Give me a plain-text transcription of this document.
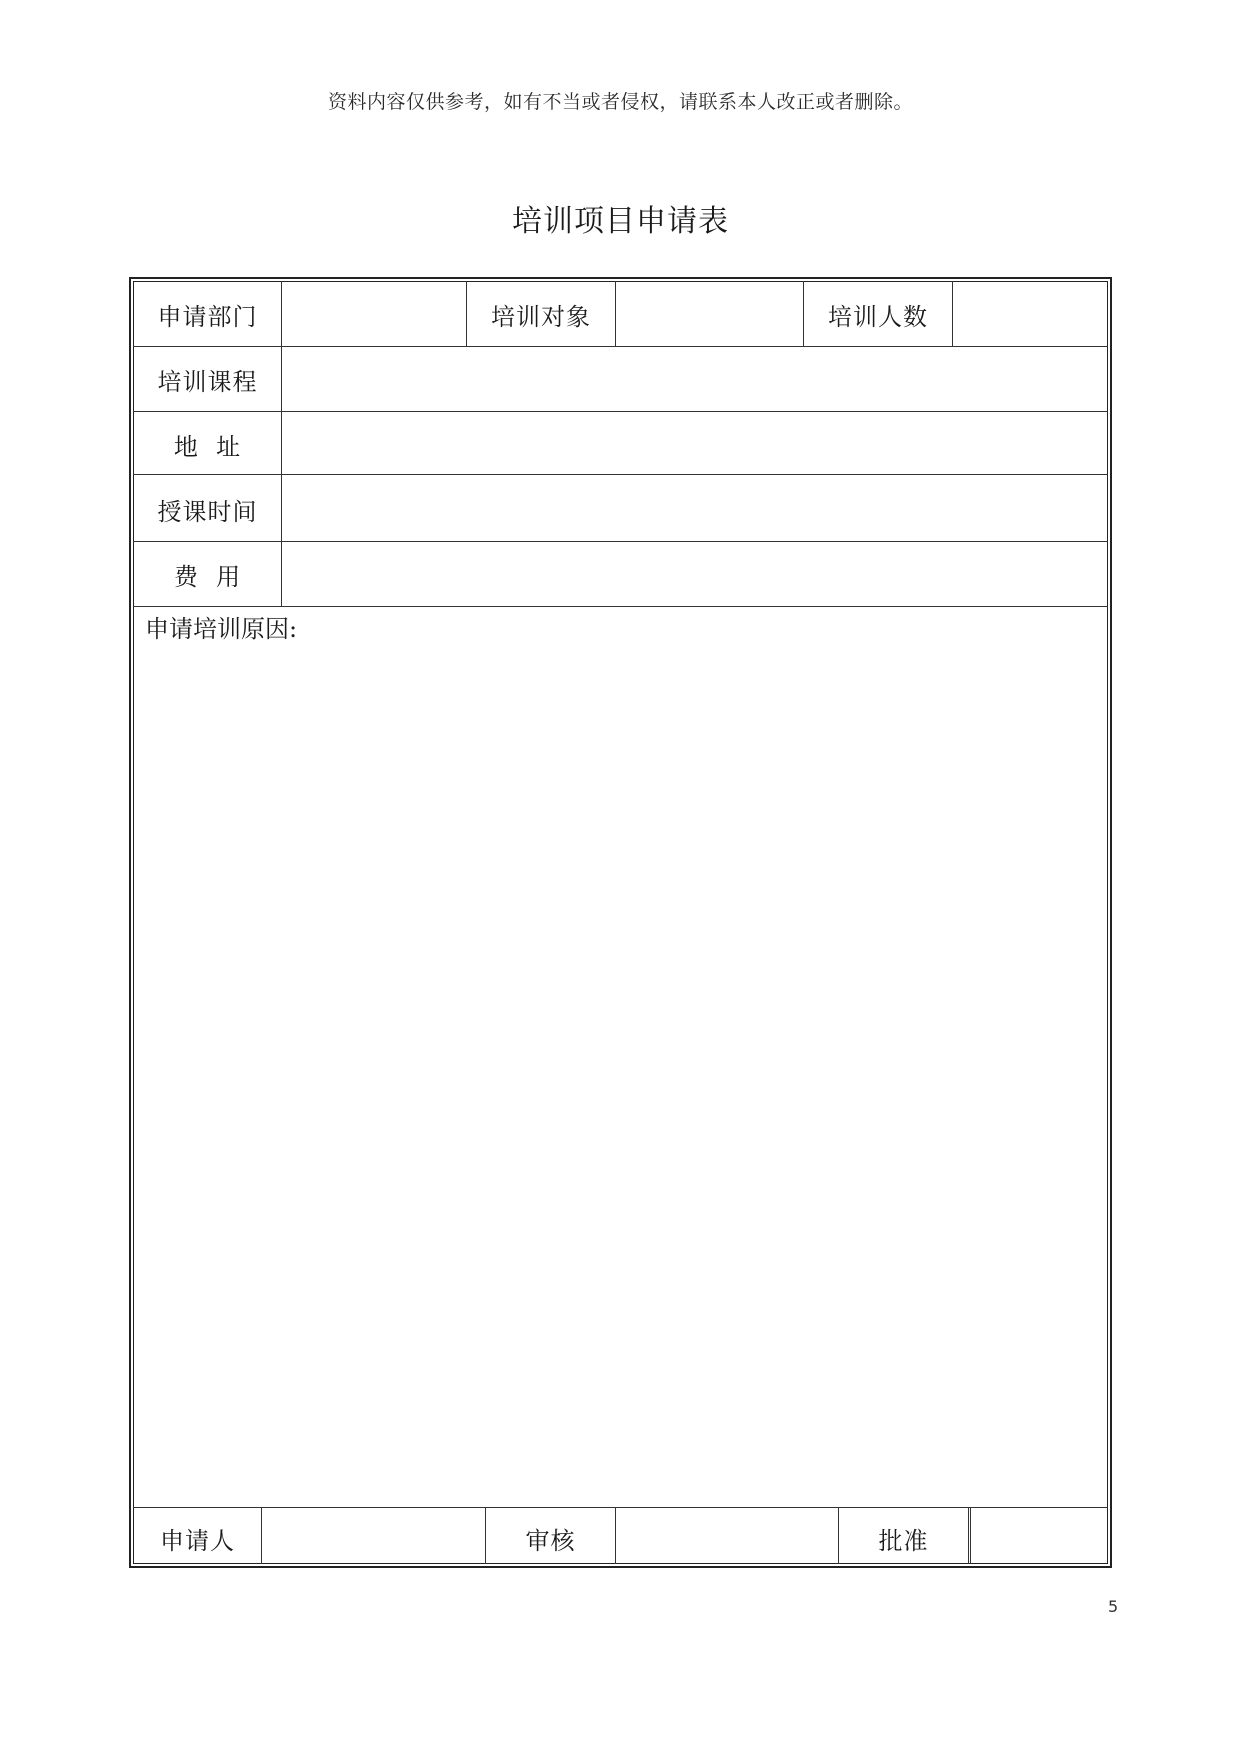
资料内容仅供参考，如有不当或者侵权，请联系本人改正或者删除。
培训项目申请表
申请部门	培训对象	培训人数
培训课程
地  址
授课时间
费  用
申请培训原因:
申请人	审核	批准
5
